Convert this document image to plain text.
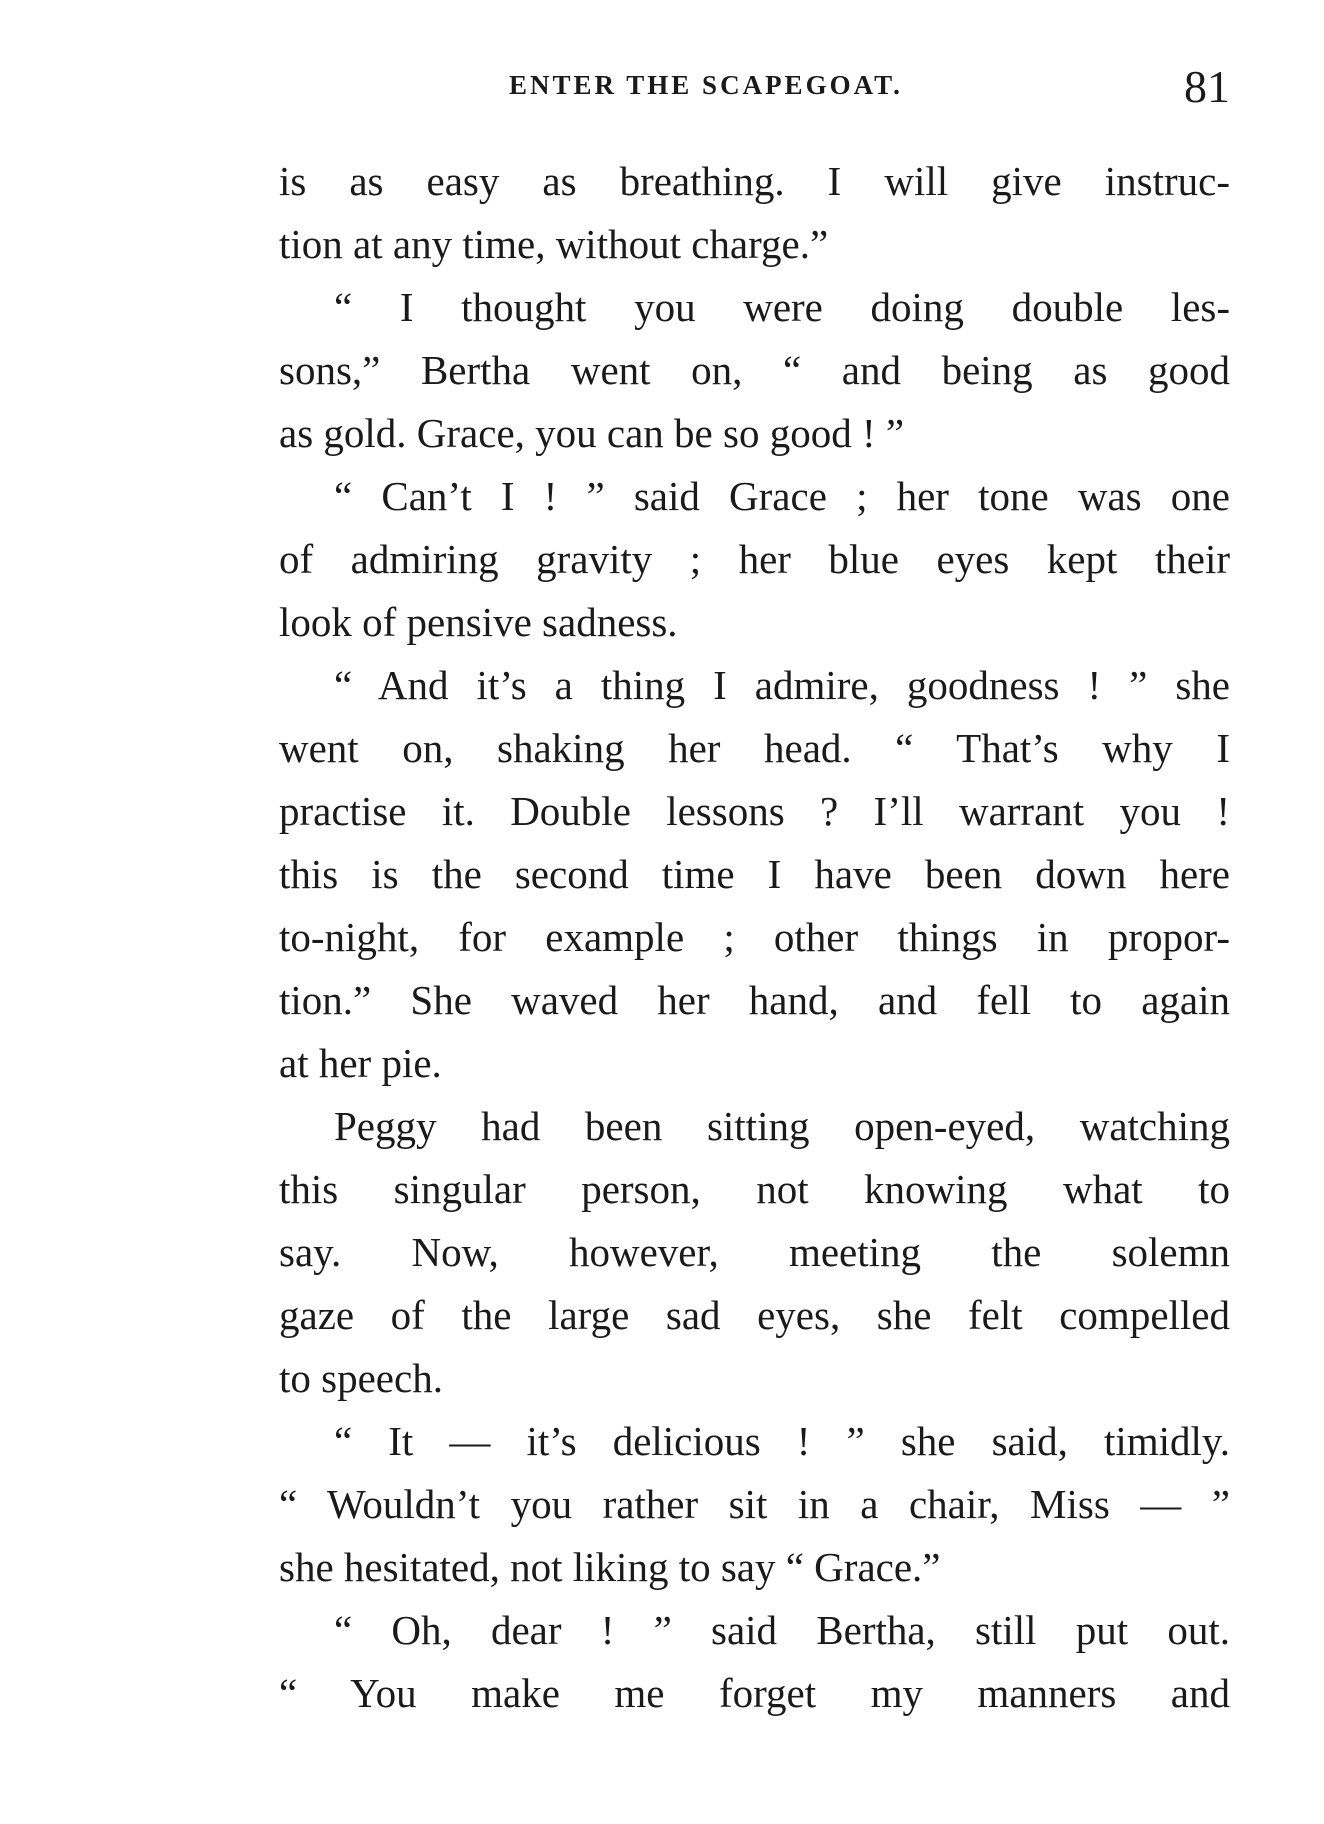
ENTER THE SCAPEGOAT.	81
is as easy as breathing. I will give instruc-
tion at any time, without charge.”
“ I thought you were doing double les-
sons,” Bertha went on, “ and being as good
as gold. Grace, you can be so good ! ”
“ Can’t I ! ” said Grace ; her tone was one
of admiring gravity ; her blue eyes kept their
look of pensive sadness.
“ And it’s a thing I admire, goodness ! ” she
went on, shaking her head. “ That’s why I
practise it. Double lessons ? I’ll warrant you !
this is the second time I have been down here
to-night, for example ; other things in propor-
tion.” She waved her hand, and fell to again
at her pie.
Peggy had been sitting open-eyed, watching
this singular person, not knowing what to
say. Now, however, meeting the solemn
gaze of the large sad eyes, she felt compelled
to speech.
“ It — it’s delicious ! ” she said, timidly.
“ Wouldn’t you rather sit in a chair, Miss — ”
she hesitated, not liking to say “ Grace.”
“ Oh, dear ! ” said Bertha, still put out.
“ You make me forget my manners and
